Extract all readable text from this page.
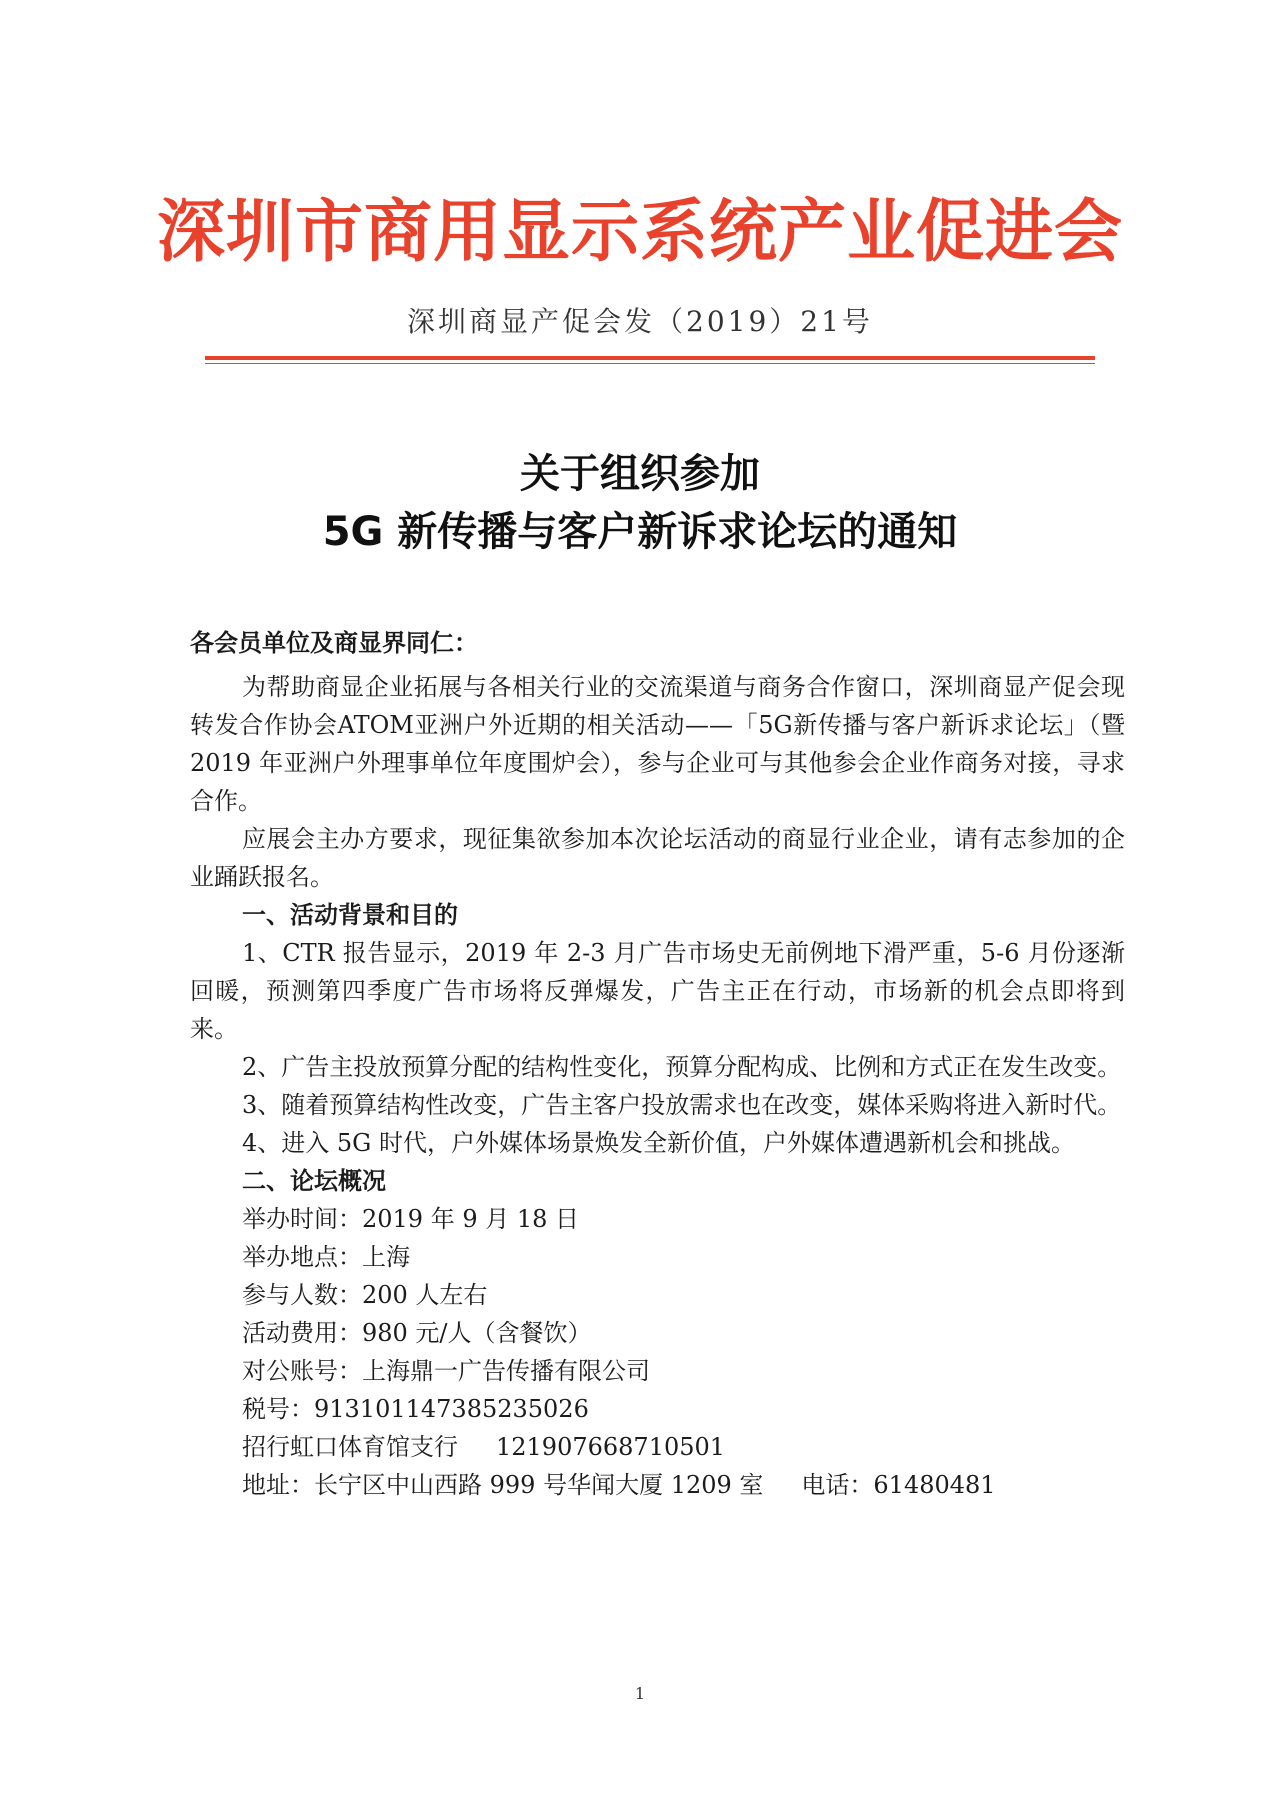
深圳市商用显示系统产业促进会
深圳商显产促会发（2019）21号
关于组织参加
5G 新传播与客户新诉求论坛的通知
各会员单位及商显界同仁：

为帮助商显企业拓展与各相关行业的交流渠道与商务合作窗口，深圳商显产促会现转发合作协会ATOM亚洲户外近期的相关活动——「5G新传播与客户新诉求论坛」（暨 2019 年亚洲户外理事单位年度围炉会），参与企业可与其他参会企业作商务对接，寻求合作。

应展会主办方要求，现征集欲参加本次论坛活动的商显行业企业，请有志参加的企业踊跃报名。

一、活动背景和目的

1、CTR 报告显示，2019 年 2-3 月广告市场史无前例地下滑严重，5-6 月份逐渐回暖，预测第四季度广告市场将反弹爆发，广告主正在行动，市场新的机会点即将到来。

2、广告主投放预算分配的结构性变化，预算分配构成、比例和方式正在发生改变。

3、随着预算结构性改变，广告主客户投放需求也在改变，媒体采购将进入新时代。

4、进入 5G 时代，户外媒体场景焕发全新价值，户外媒体遭遇新机会和挑战。

二、论坛概况

举办时间：2019 年 9 月 18 日

举办地点：上海

参与人数：200 人左右

活动费用：980 元/人（含餐饮）

对公账号：上海鼎一广告传播有限公司

税号：913101147385235026

招行虹口体育馆支行 121907668710501

地址：长宁区中山西路 999 号华闻大厦 1209 室 电话：61480481

1
